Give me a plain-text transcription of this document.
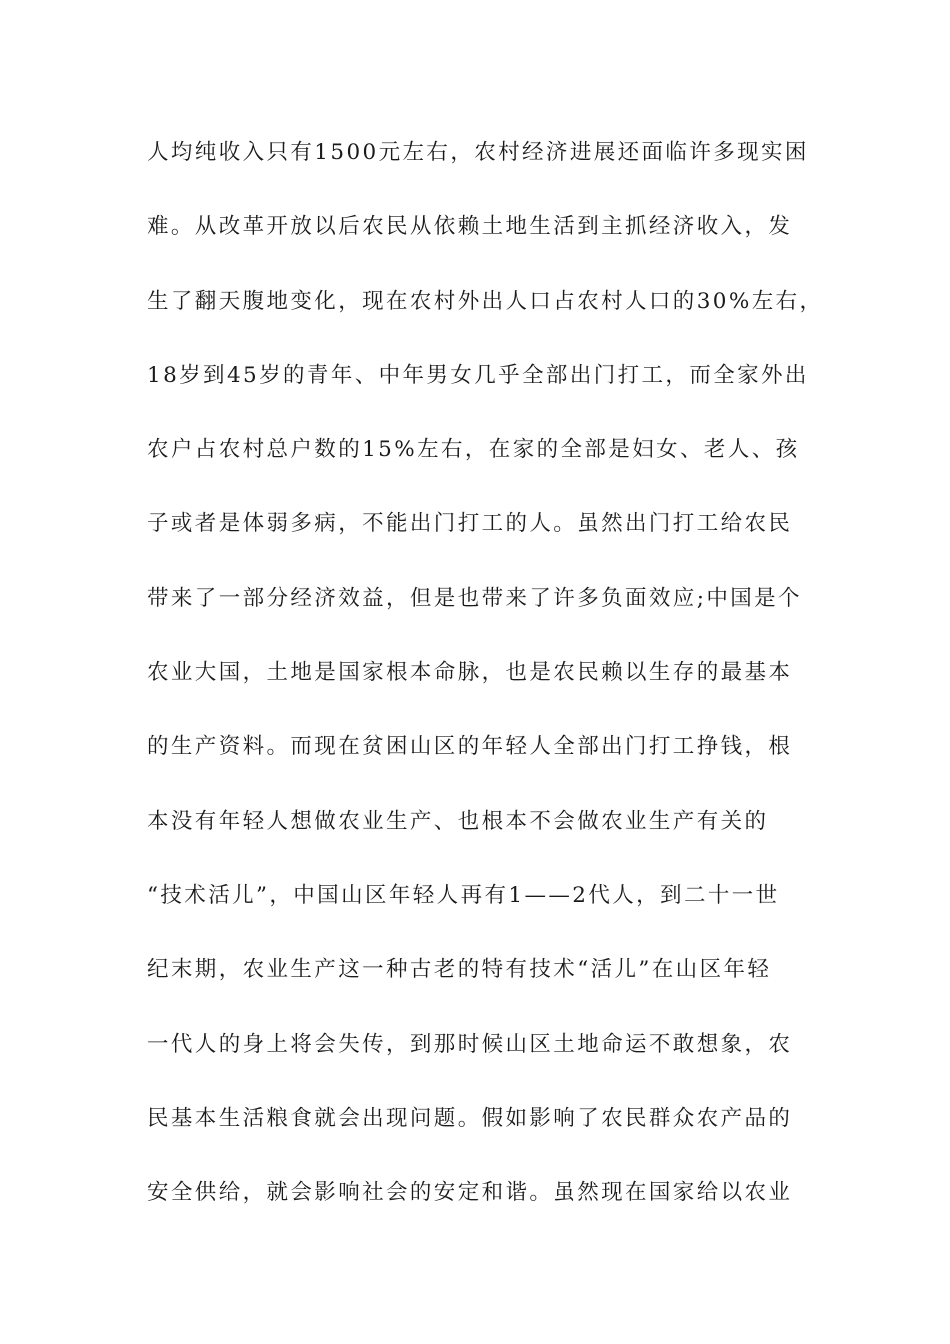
人均纯收入只有1500元左右，农村经济进展还面临许多现实困
难。从改革开放以后农民从依赖土地生活到主抓经济收入，发
生了翻天腹地变化，现在农村外出人口占农村人口的30%左右，
18岁到45岁的青年、中年男女几乎全部出门打工，而全家外出
农户占农村总户数的15%左右，在家的全部是妇女、老人、孩
子或者是体弱多病，不能出门打工的人。虽然出门打工给农民
带来了一部分经济效益，但是也带来了许多负面效应;中国是个
农业大国，土地是国家根本命脉，也是农民赖以生存的最基本
的生产资料。而现在贫困山区的年轻人全部出门打工挣钱，根
本没有年轻人想做农业生产、也根本不会做农业生产有关的
“技术活儿”，中国山区年轻人再有1——2代人，到二十一世
纪末期，农业生产这一种古老的特有技术“活儿”在山区年轻
一代人的身上将会失传，到那时候山区土地命运不敢想象，农
民基本生活粮食就会出现问题。假如影响了农民群众农产品的
安全供给，就会影响社会的安定和谐。虽然现在国家给以农业
